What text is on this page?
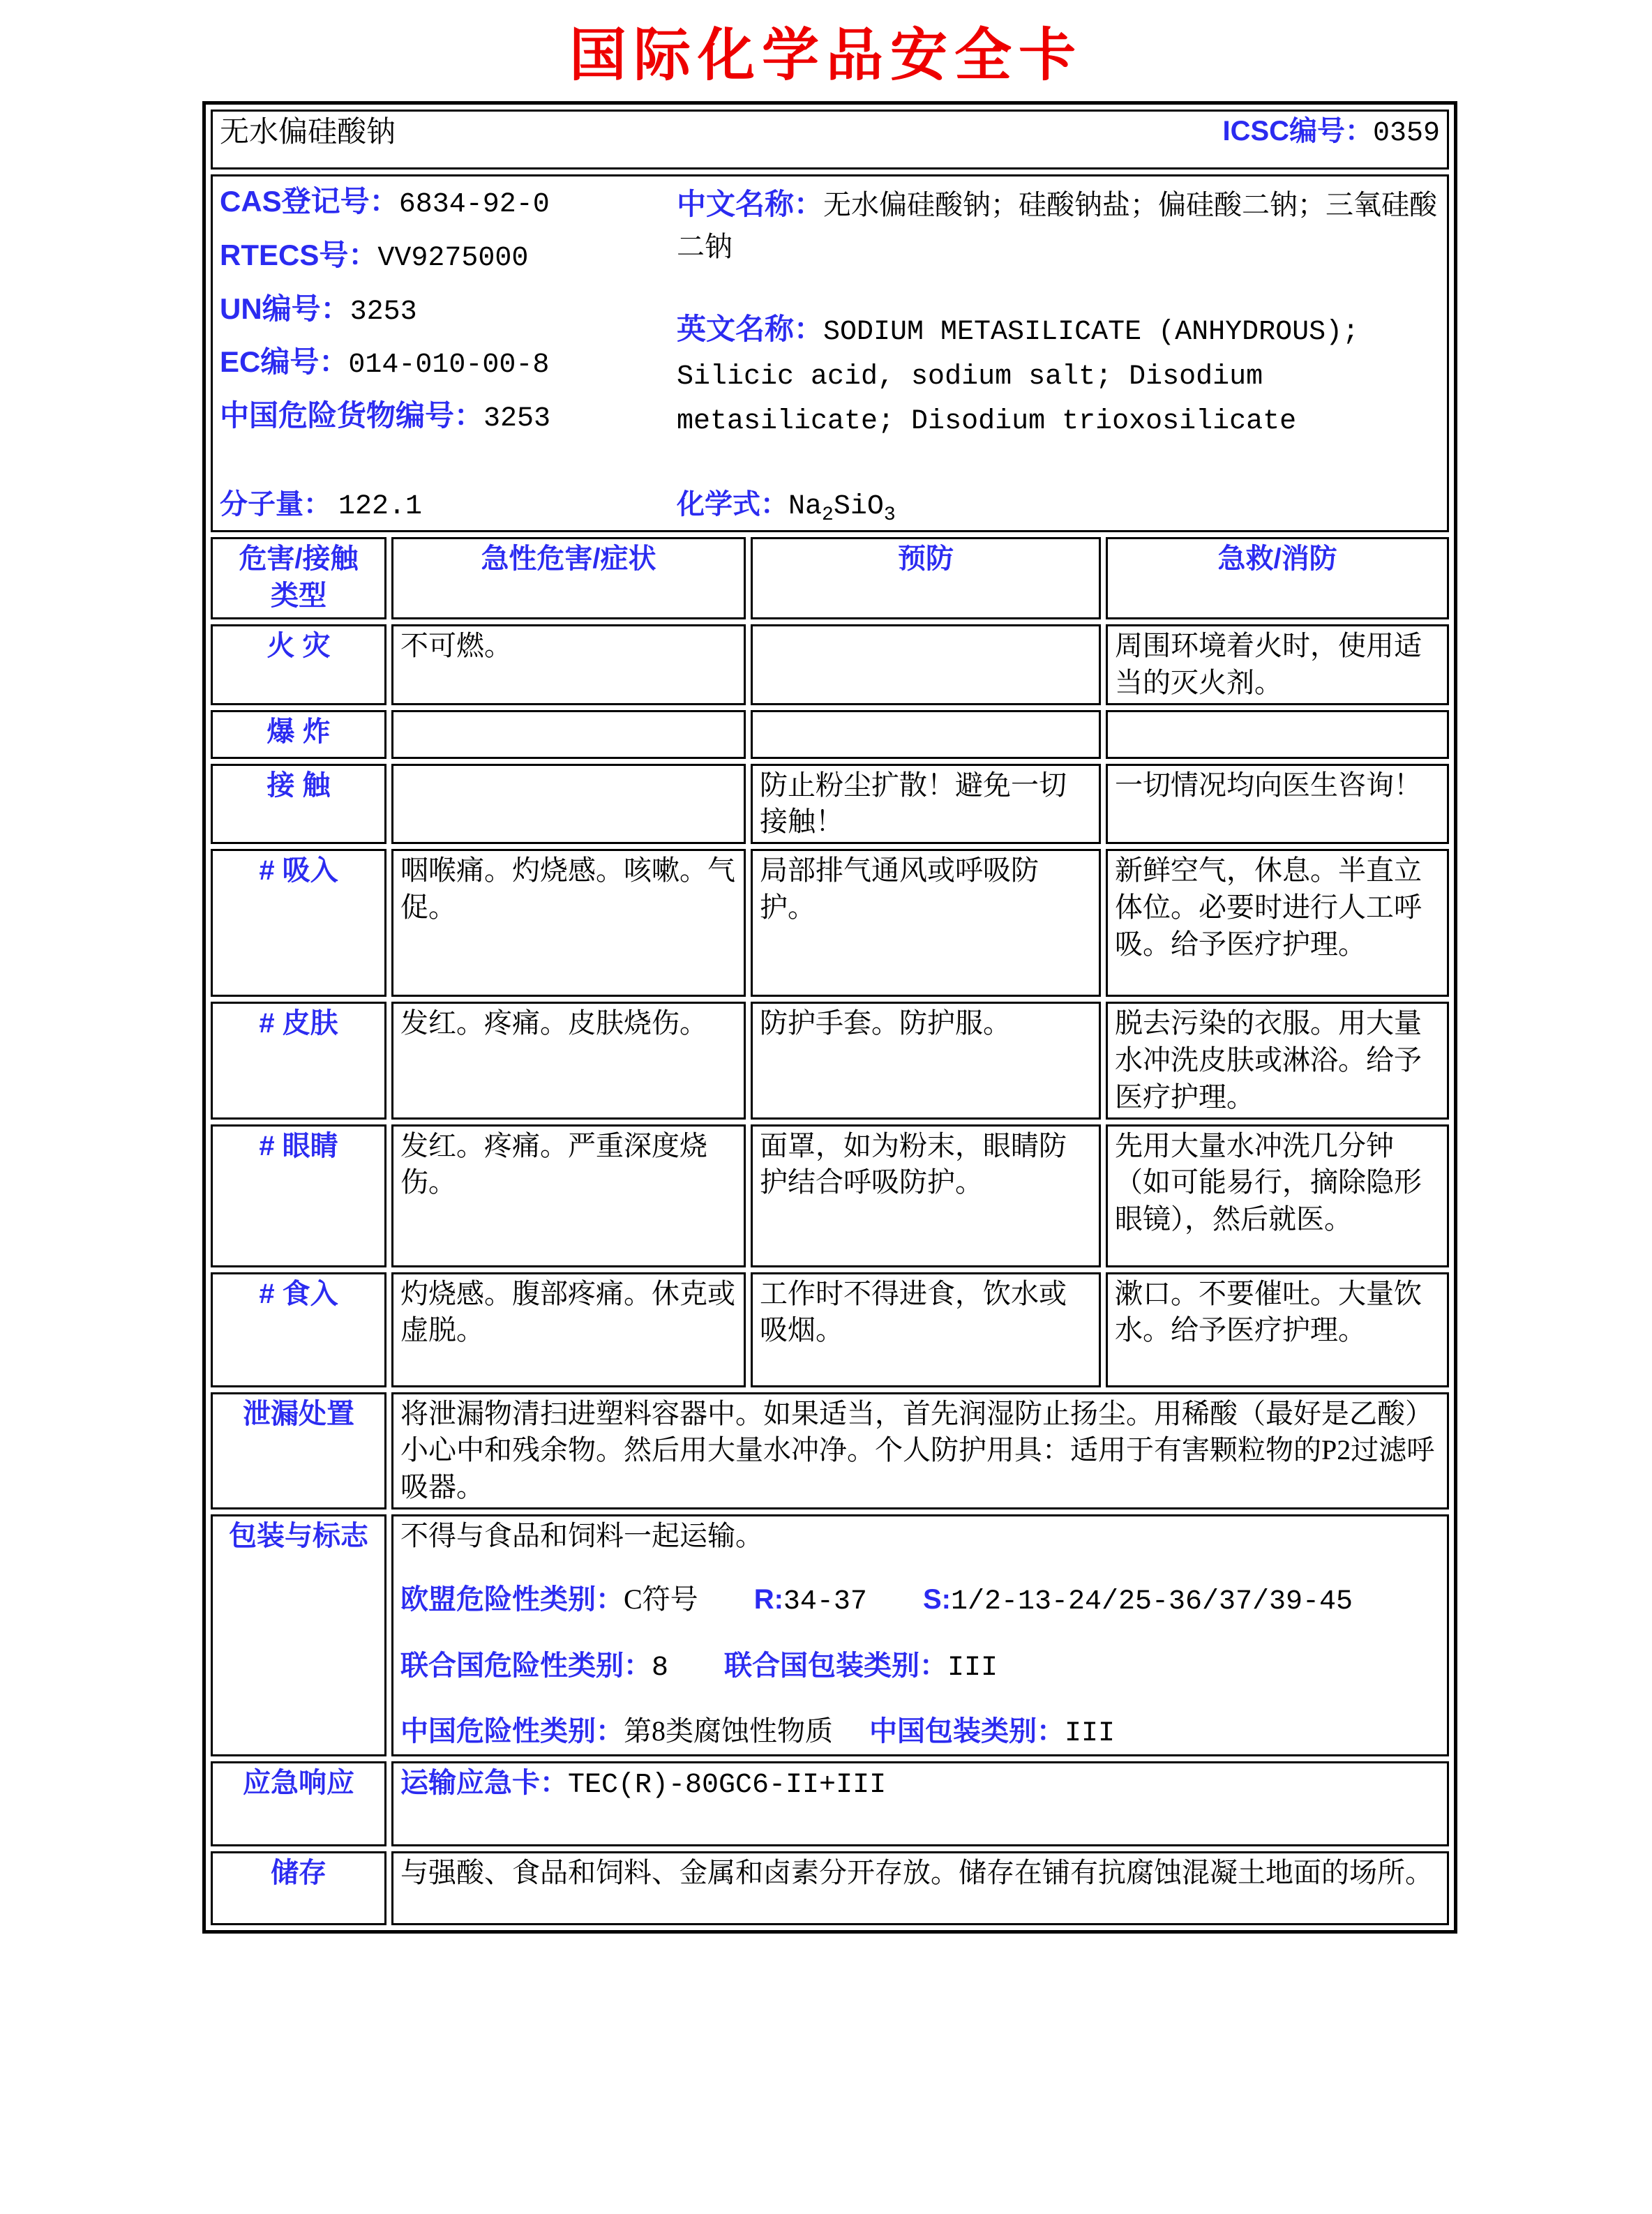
国际化学品安全卡
无水偏硅酸钠 ICSC编号：0359			

CAS登记号：6834-92-0
RTECS号：VV9275000
UN编号：3253
EC编号：014-010-00-8
中国危险货物编号：3253
中文名称：无水偏硅酸钠；硅酸钠盐；偏硅酸二钠；三氧硅酸二钠
英文名称：SODIUM METASILICATE (ANHYDROUS); Silicic acid, sodium salt; Disodium metasilicate; Disodium trioxosilicate
分子量： 122.1	化学式：$Na_2SiO_3$

危害/接触
类型	急性危害/症状	预防	急救/消防
火 灾	不可燃。		周围环境着火时，使用适当的灭火剂。
爆 炸			
接 触		防止粉尘扩散！避免一切接触！	一切情况均向医生咨询！
# 吸入	咽喉痛。灼烧感。咳嗽。气促。	局部排气通风或呼吸防护。	新鲜空气，休息。半直立体位。必要时进行人工呼吸。给予医疗护理。
# 皮肤	发红。疼痛。皮肤烧伤。	防护手套。防护服。	脱去污染的衣服。用大量水冲洗皮肤或淋浴。给予医疗护理。
# 眼睛	发红。疼痛。严重深度烧伤。	面罩，如为粉末，眼睛防护结合呼吸防护。	先用大量水冲洗几分钟（如可能易行，摘除隐形眼镜），然后就医。
# 食入	灼烧感。腹部疼痛。休克或虚脱。	工作时不得进食，饮水或吸烟。	漱口。不要催吐。大量饮水。给予医疗护理。
泄漏处置	将泄漏物清扫进塑料容器中。如果适当，首先润湿防止扬尘。用稀酸（最好是乙酸）小心中和残余物。然后用大量水冲净。个人防护用具：适用于有害颗粒物的P2过滤呼吸器。		
包装与标志	不得与食品和饲料一起运输。
欧盟危险性类别：C符号 R:34-37 S:1/2-13-24/25-36/37/39-45
联合国危险性类别：8 联合国包装类别：III
中国危险性类别：第8类腐蚀性物质 中国包装类别：III		

应急响应	运输应急卡：TEC(R)-80GC6-II+III		
储存	与强酸、食品和饲料、金属和卤素分开存放。储存在铺有抗腐蚀混凝土地面的场所。		
